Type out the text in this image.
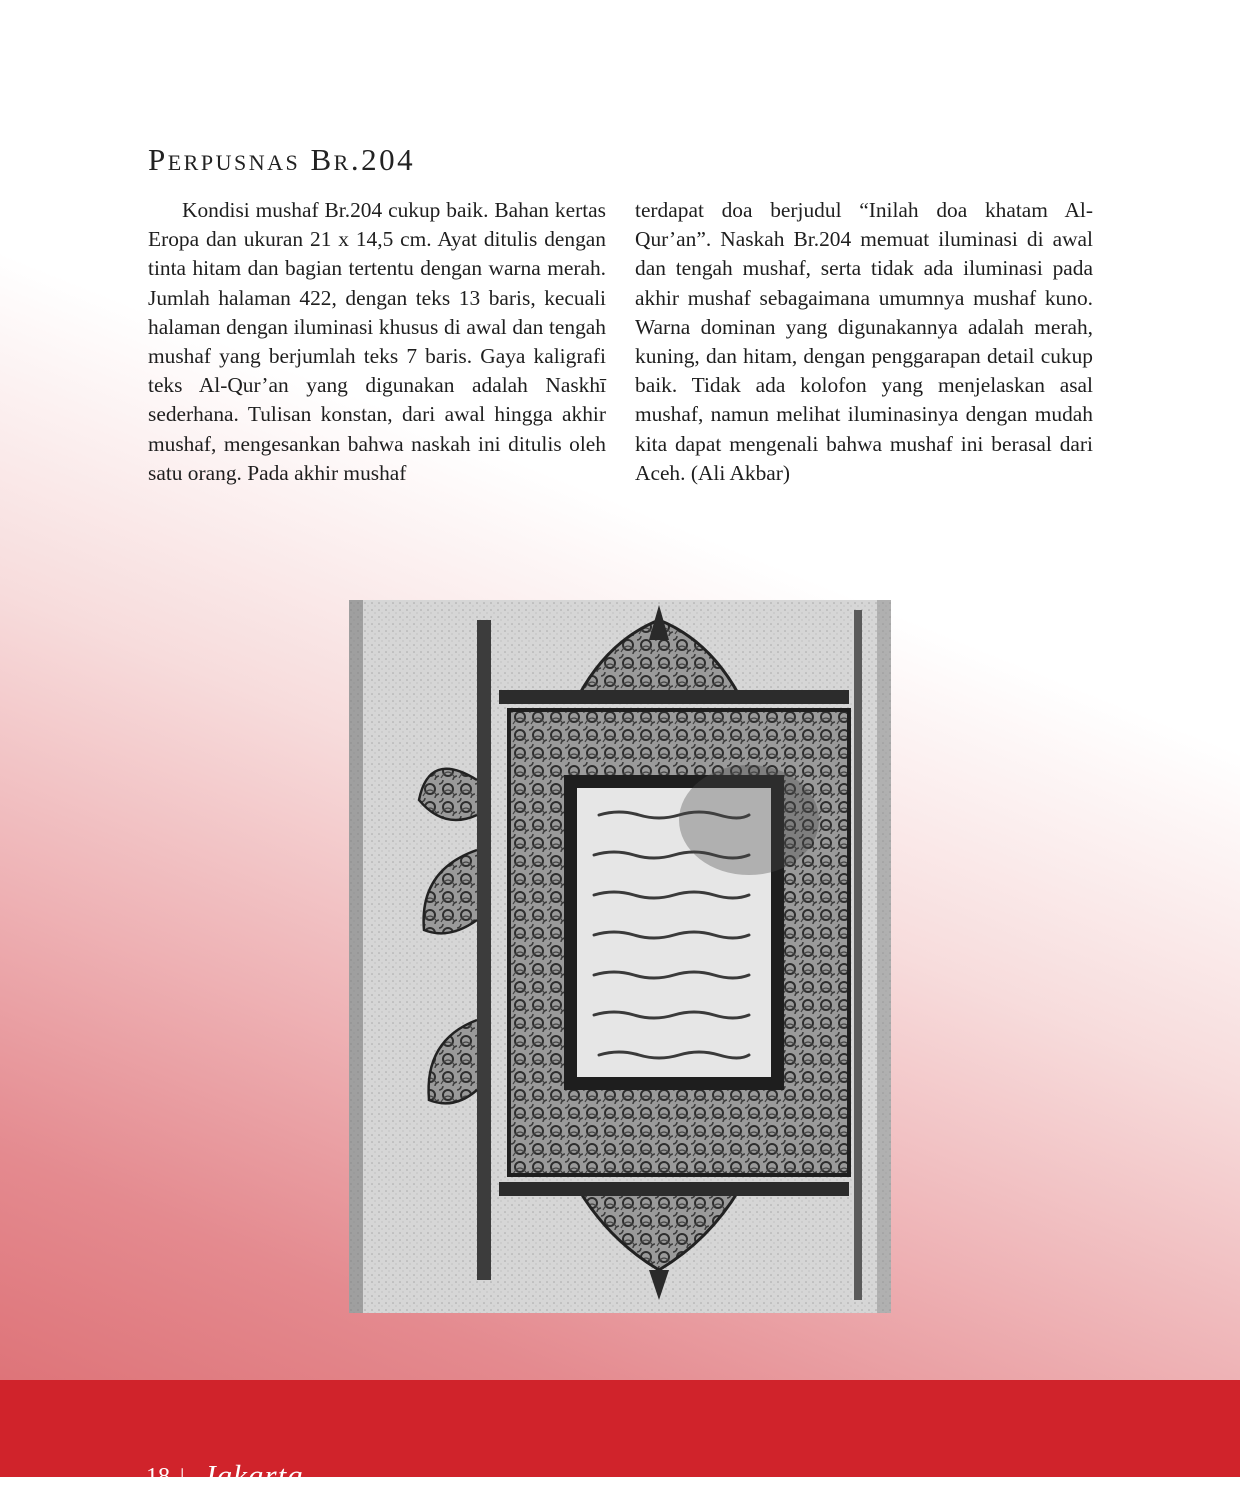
Perpusnas Br.204

Kondisi mushaf Br.204 cukup baik. Bahan kertas Eropa dan ukuran 21 x 14,5 cm. Ayat ditulis dengan tinta hitam dan bagian tertentu dengan warna merah. Jumlah halaman 422, dengan teks 13 baris, kecuali halaman dengan iluminasi khusus di awal dan tengah mushaf yang berjumlah teks 7 baris. Gaya kaligrafi teks Al-Qur’an yang digunakan adalah Naskhī sederhana. Tulisan konstan, dari awal hingga akhir mushaf, mengesankan bahwa naskah ini ditulis oleh satu orang. Pada akhir mushaf

terdapat doa berjudul “Inilah doa khatam Al-Qur’an”. Naskah Br.204 memuat iluminasi di awal dan tengah mushaf, serta tidak ada iluminasi pada akhir mushaf sebagaimana umumnya mushaf kuno. Warna dominan yang digunakannya adalah merah, kuning, dan hitam, dengan penggarapan detail cukup baik. Tidak ada kolofon yang menjelaskan asal mushaf, namun melihat iluminasinya dengan mudah kita dapat mengenali bahwa mushaf ini berasal dari Aceh. (Ali Akbar)

18 | Jakarta
